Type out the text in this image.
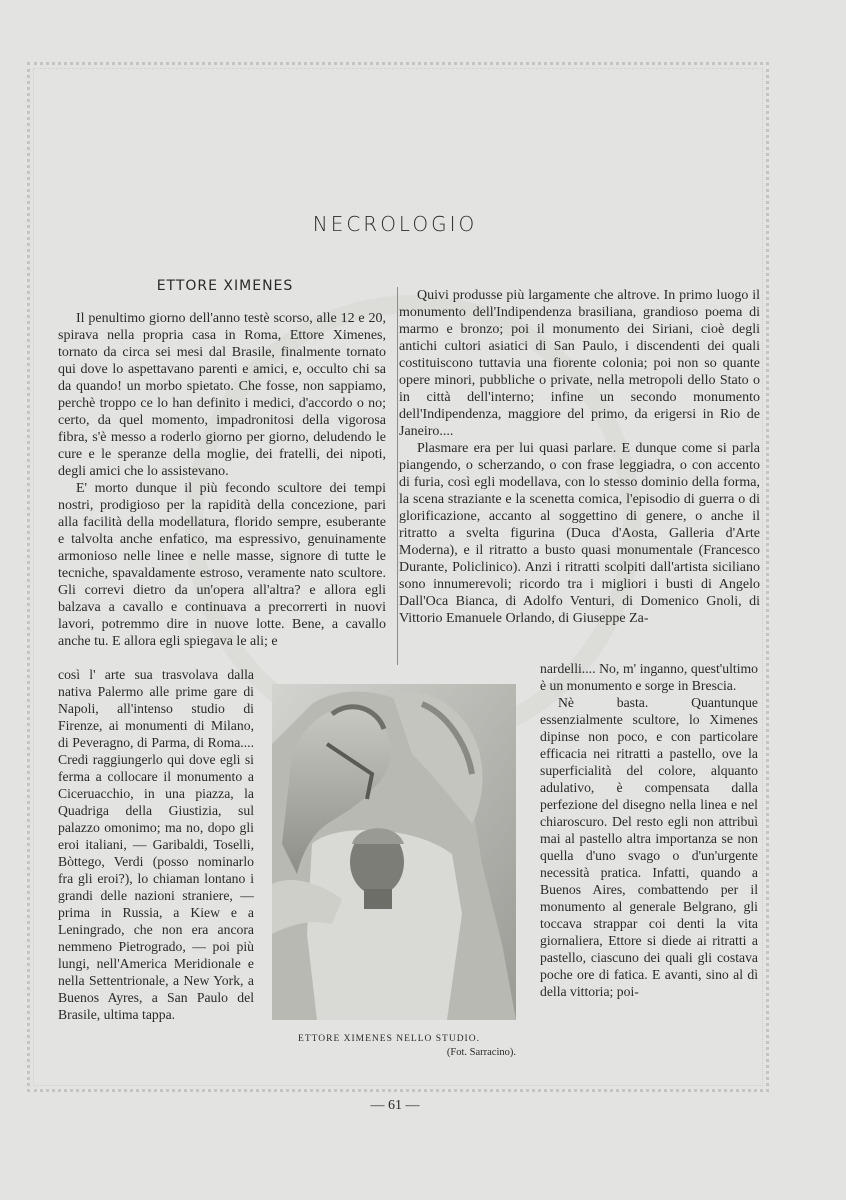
NECROLOGIO
ETTORE XIMENES

Il penultimo giorno dell'anno testè scorso, alle 12 e 20, spirava nella propria casa in Roma, Ettore Ximenes, tornato da circa sei mesi dal Brasile, finalmente tornato qui dove lo aspettavano parenti e amici, e, occulto chi sa da quando! un morbo spietato. Che fosse, non sappiamo, perchè troppo ce lo han definito i medici, d'accordo o no; certo, da quel momento, impadronitosi della vigorosa fibra, s'è messo a roderlo giorno per giorno, deludendo le cure e le speranze della moglie, dei fratelli, dei nipoti, degli amici che lo assistevano.

E' morto dunque il più fecondo scultore dei tempi nostri, prodigioso per la rapidità della concezione, pari alla facilità della modellatura, florido sempre, esuberante e talvolta anche enfatico, ma espressivo, genuinamente armonioso nelle linee e nelle masse, signore di tutte le tecniche, spavaldamente estroso, veramente nato scultore. Gli correvi dietro da un'opera all'altra? e allora egli balzava a cavallo e continuava a precorrerti in nuovi lavori, potremmo dire in nuove lotte. Bene, a cavallo anche tu. E allora egli spiegava le ali; e

Quivi produsse più largamente che altrove. In primo luogo il monumento dell'Indipendenza brasiliana, grandioso poema di marmo e bronzo; poi il monumento dei Siriani, cioè degli antichi cultori asiatici di San Paulo, i discendenti dei quali costituiscono tuttavia una fiorente colonia; poi non so quante opere minori, pubbliche o private, nella metropoli dello Stato o in città dell'interno; infine un secondo monumento dell'Indipendenza, maggiore del primo, da erigersi in Rio de Janeiro....

Plasmare era per lui quasi parlare. E dunque come si parla piangendo, o scherzando, o con frase leggiadra, o con accento di furia, così egli modellava, con lo stesso dominio della forma, la scena straziante e la scenetta comica, l'episodio di guerra o di glorificazione, accanto al soggettino di genere, o anche il ritratto a svelta figurina (Duca d'Aosta, Galleria d'Arte Moderna), e il ritratto a busto quasi monumentale (Francesco Durante, Policlinico). Anzi i ritratti scolpiti dall'artista siciliano sono innumerevoli; ricordo tra i migliori i busti di Angelo Dall'Oca Bianca, di Adolfo Venturi, di Domenico Gnoli, di Vittorio Emanuele Orlando, di Giuseppe Za-

così l' arte sua trasvolava dalla nativa Palermo alle prime gare di Napoli, all'intenso studio di Firenze, ai monumenti di Milano, di Peveragno, di Parma, di Roma.... Credi raggiungerlo qui dove egli si ferma a collocare il monumento a Ciceruacchio, in una piazza, la Quadriga della Giustizia, sul palazzo omonimo; ma no, dopo gli eroi italiani, — Garibaldi, Toselli, Bòttego, Verdi (posso nominarlo fra gli eroi?), lo chiaman lontano i grandi delle nazioni straniere, — prima in Russia, a Kiew e a Leningrado, che non era ancora nemmeno Pietrogrado, — poi più lungi, nell'America Meridionale e nella Settentrionale, a New York, a Buenos Ayres, a San Paulo del Brasile, ultima tappa.

nardelli.... No, m' inganno, quest'ultimo è un monumento e sorge in Brescia.

Nè basta. Quantunque essenzialmente scultore, lo Ximenes dipinse non poco, e con particolare efficacia nei ritratti a pastello, ove la superficialità del colore, alquanto adulativo, è compensata dalla perfezione del disegno nella linea e nel chiaroscuro. Del resto egli non attribuì mai al pastello altra importanza se non quella d'uno svago o d'un'urgente necessità pratica. Infatti, quando a Buenos Aires, combattendo per il monumento al generale Belgrano, gli toccava strappar coi denti la vita giornaliera, Ettore si diede ai ritratti a pastello, ciascuno dei quali gli costava poche ore di fatica. E avanti, sino al dì della vittoria; poi-

ETTORE XIMENES NELLO STUDIO.
(Fot. Sarracino).
— 61 —
